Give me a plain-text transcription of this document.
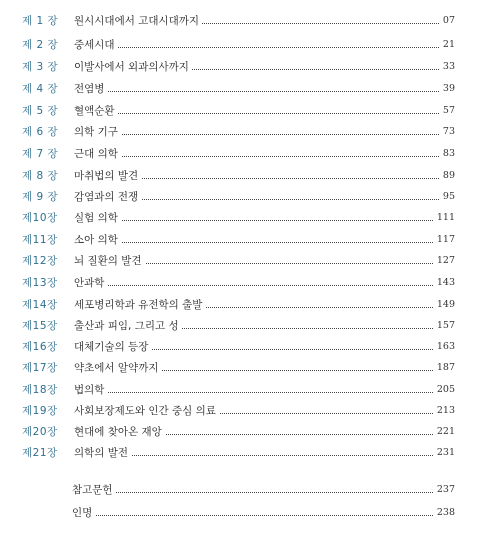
제 1 장	원시시대에서 고대시대까지	07
제 2 장	중세시대	21
제 3 장	이발사에서 외과의사까지	33
제 4 장	전염병	39
제 5 장	혈액순환	57
제 6 장	의학 기구	73
제 7 장	근대 의학	83
제 8 장	마취법의 발견	89
제 9 장	감염과의 전쟁	95
제10장	실험 의학	111
제11장	소아 의학	117
제12장	뇌 질환의 발견	127
제13장	안과학	143
제14장	세포병리학과 유전학의 출발	149
제15장	출산과 피임, 그리고 성	157
제16장	대체기술의 등장	163
제17장	약초에서 알약까지	187
제18장	법의학	205
제19장	사회보장제도와 인간 중심 의료	213
제20장	현대에 찾아온 재앙	221
제21장	의학의 발전	231
참고문헌	237
인명	238
